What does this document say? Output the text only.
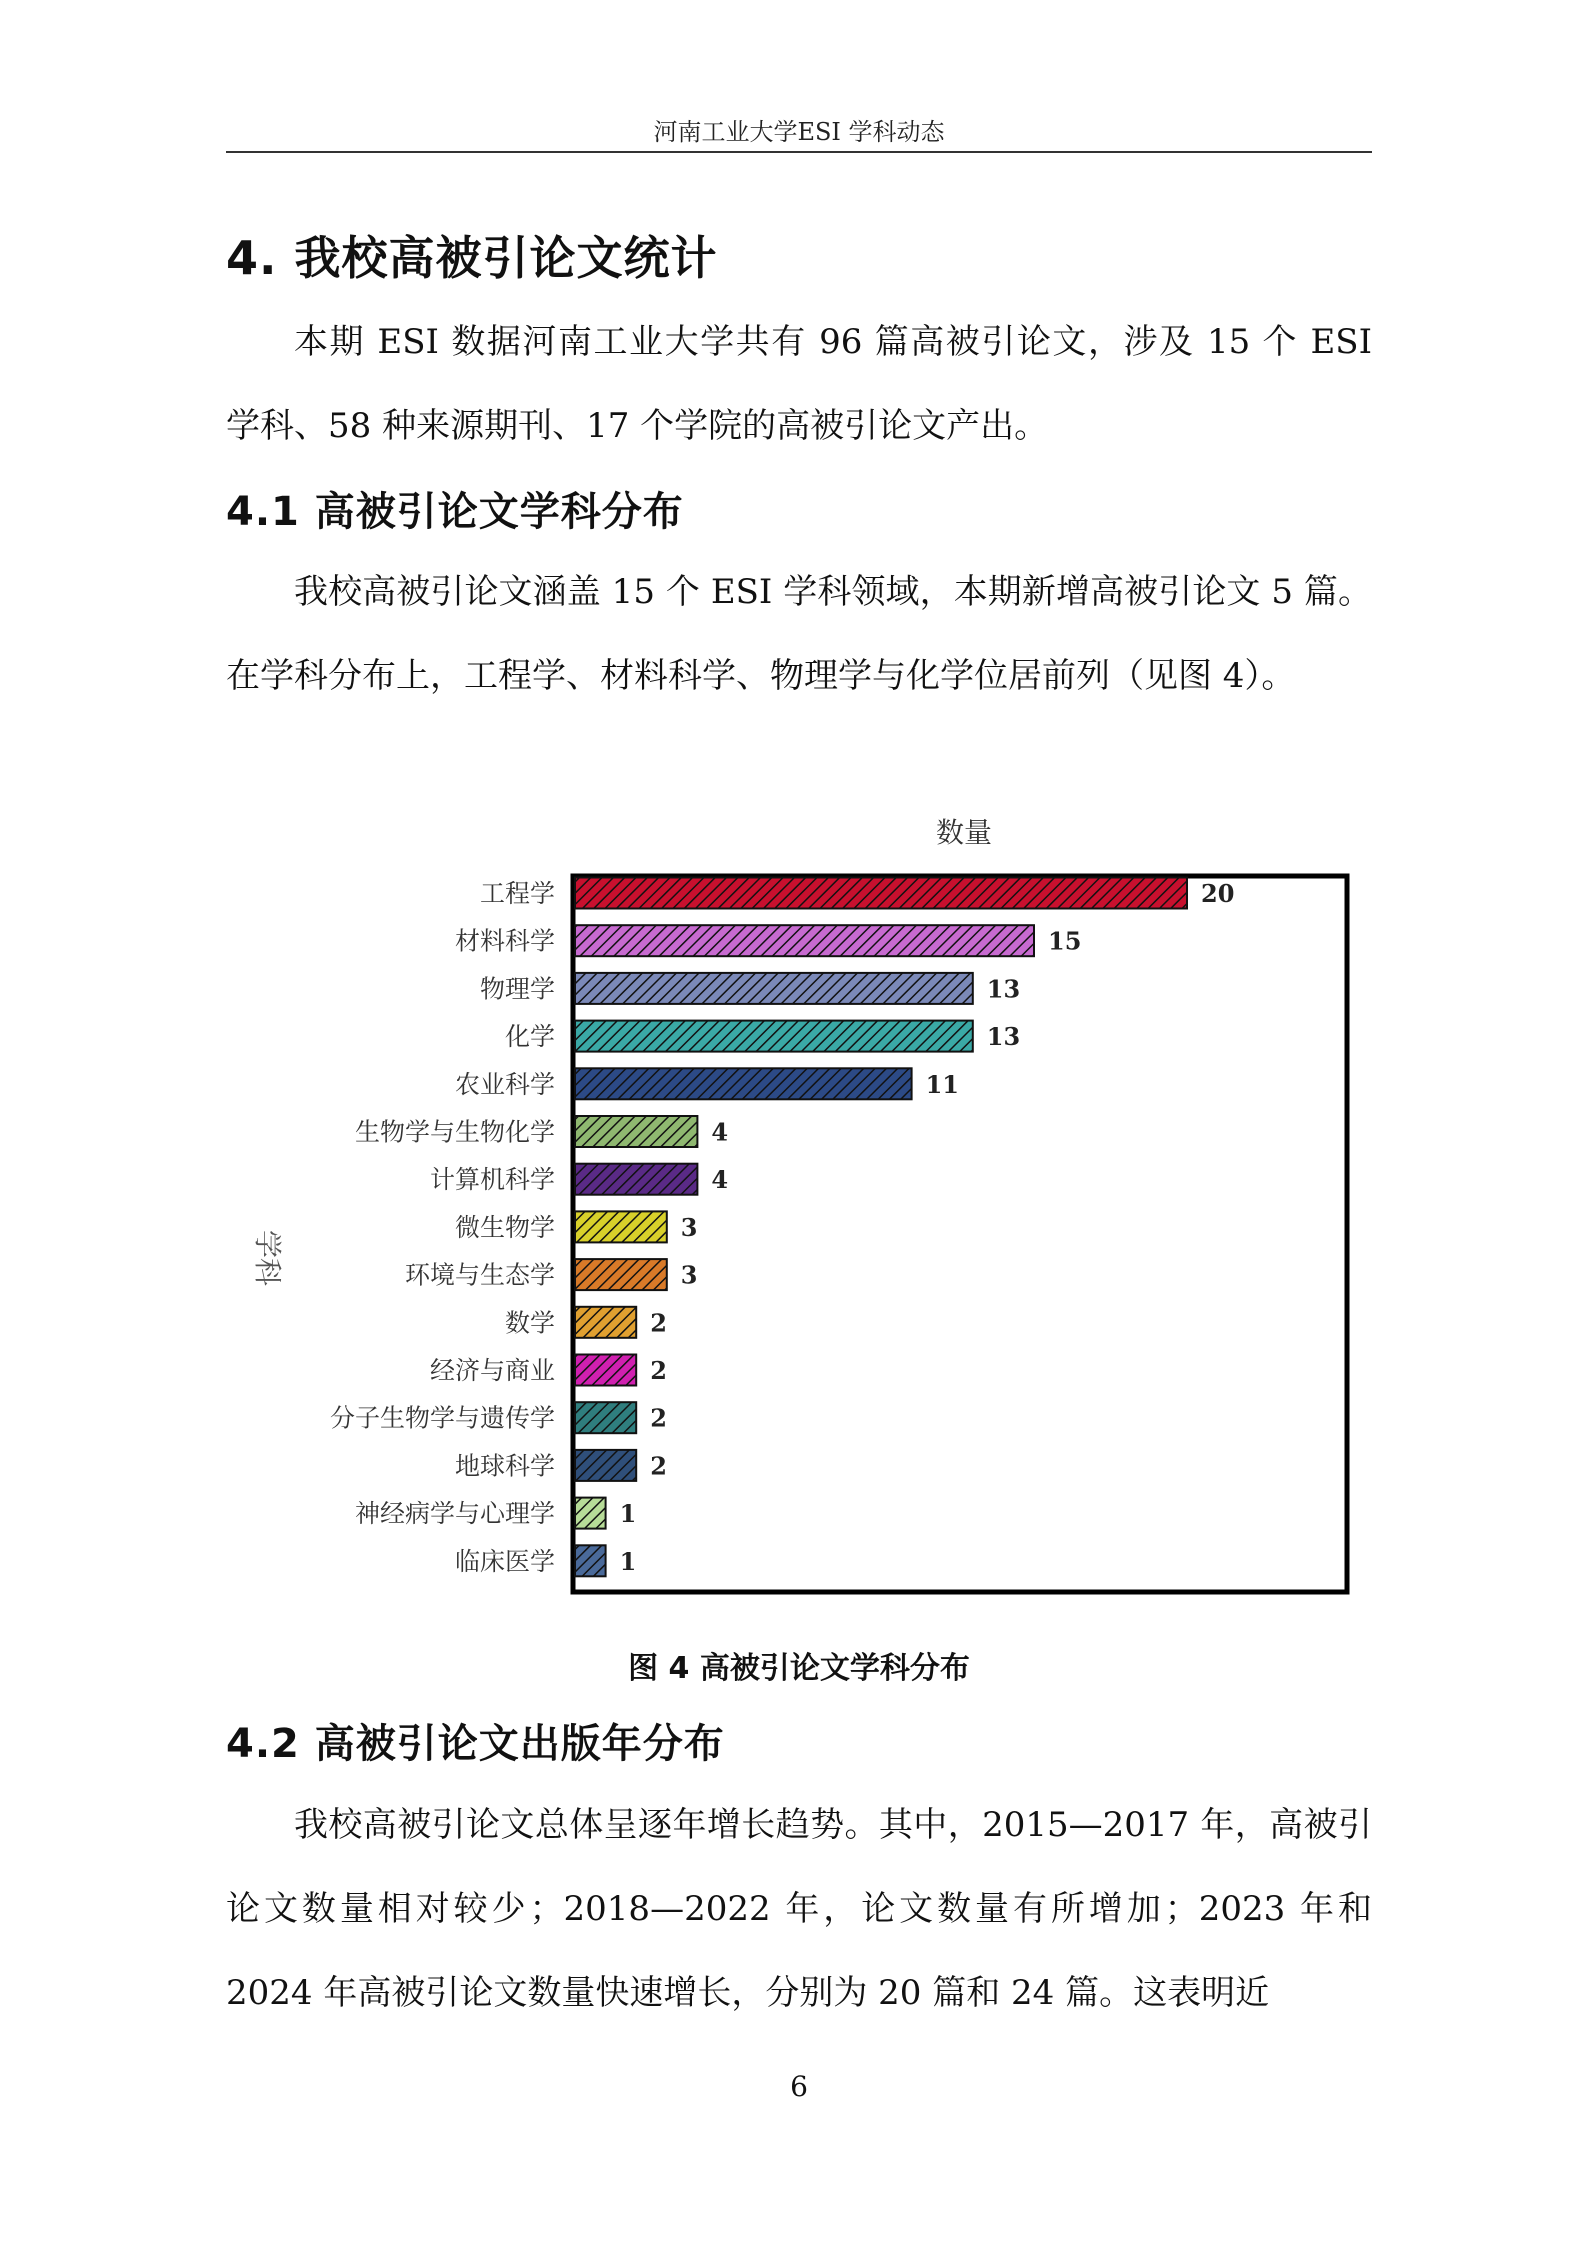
河南工业大学ESI 学科动态
4. 我校高被引论文统计

本期 ESI 数据河南工业大学共有 96 篇高被引论文，涉及 15 个 ESI 学科、58 种来源期刊、17 个学院的高被引论文产出。

4.1 高被引论文学科分布

我校高被引论文涵盖 15 个 ESI 学科领域，本期新增高被引论文 5 篇。在学科分布上，工程学、材料科学、物理学与化学位居前列（见图 4）。

数量
学科
工程学	20
材料科学	15
物理学	13
化学	13
农业科学	11
生物学与生物化学	4
计算机科学	4
微生物学	3
环境与生态学	3
数学	2
经济与商业	2
分子生物学与遗传学	2
地球科学	2
神经病学与心理学	1
临床医学	1
图 4 高被引论文学科分布
4.2 高被引论文出版年分布

我校高被引论文总体呈逐年增长趋势。其中，2015—2017 年，高被引论文数量相对较少；2018—2022 年，论文数量有所增加；2023 年和 2024 年高被引论文数量快速增长，分别为 20 篇和 24 篇。这表明近

6
